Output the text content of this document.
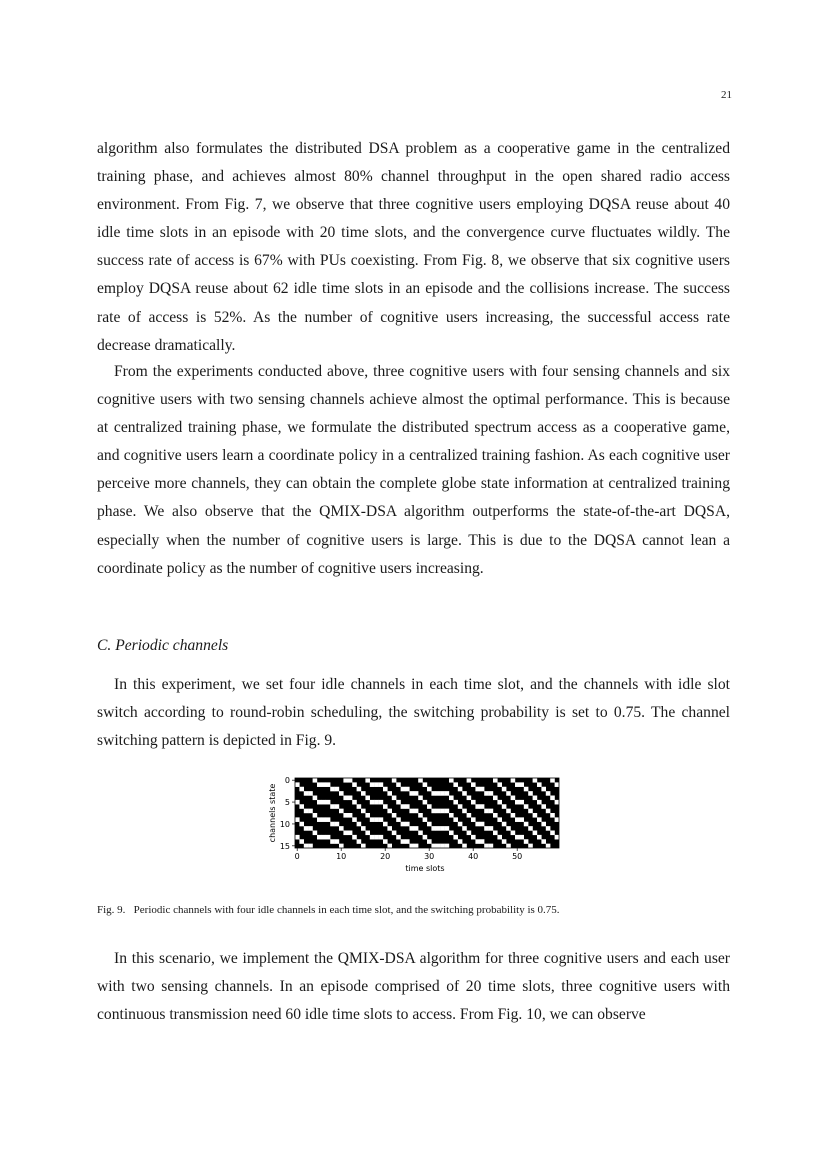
21

algorithm also formulates the distributed DSA problem as a cooperative game in the centralized training phase, and achieves almost 80% channel throughput in the open shared radio access environment. From Fig. 7, we observe that three cognitive users employing DQSA reuse about 40 idle time slots in an episode with 20 time slots, and the convergence curve fluctuates wildly. The success rate of access is 67% with PUs coexisting. From Fig. 8, we observe that six cognitive users employ DQSA reuse about 62 idle time slots in an episode and the collisions increase. The success rate of access is 52%. As the number of cognitive users increasing, the successful access rate decrease dramatically.

From the experiments conducted above, three cognitive users with four sensing channels and six cognitive users with two sensing channels achieve almost the optimal performance. This is because at centralized training phase, we formulate the distributed spectrum access as a cooperative game, and cognitive users learn a coordinate policy in a centralized training fashion. As each cognitive user perceive more channels, they can obtain the complete globe state information at centralized training phase. We also observe that the QMIX-DSA algorithm outperforms the state-of-the-art DQSA, especially when the number of cognitive users is large. This is due to the DQSA cannot lean a coordinate policy as the number of cognitive users increasing.

C. Periodic channels

In this experiment, we set four idle channels in each time slot, and the channels with idle slot switch according to round-robin scheduling, the switching probability is set to 0.75. The channel switching pattern is depicted in Fig. 9.

0	10	20	30	40	50
0
5
10
15
time slots
channels state

Fig. 9.   Periodic channels with four idle channels in each time slot, and the switching probability is 0.75.

In this scenario, we implement the QMIX-DSA algorithm for three cognitive users and each user with two sensing channels. In an episode comprised of 20 time slots, three cognitive users with continuous transmission need 60 idle time slots to access. From Fig. 10, we can observe
